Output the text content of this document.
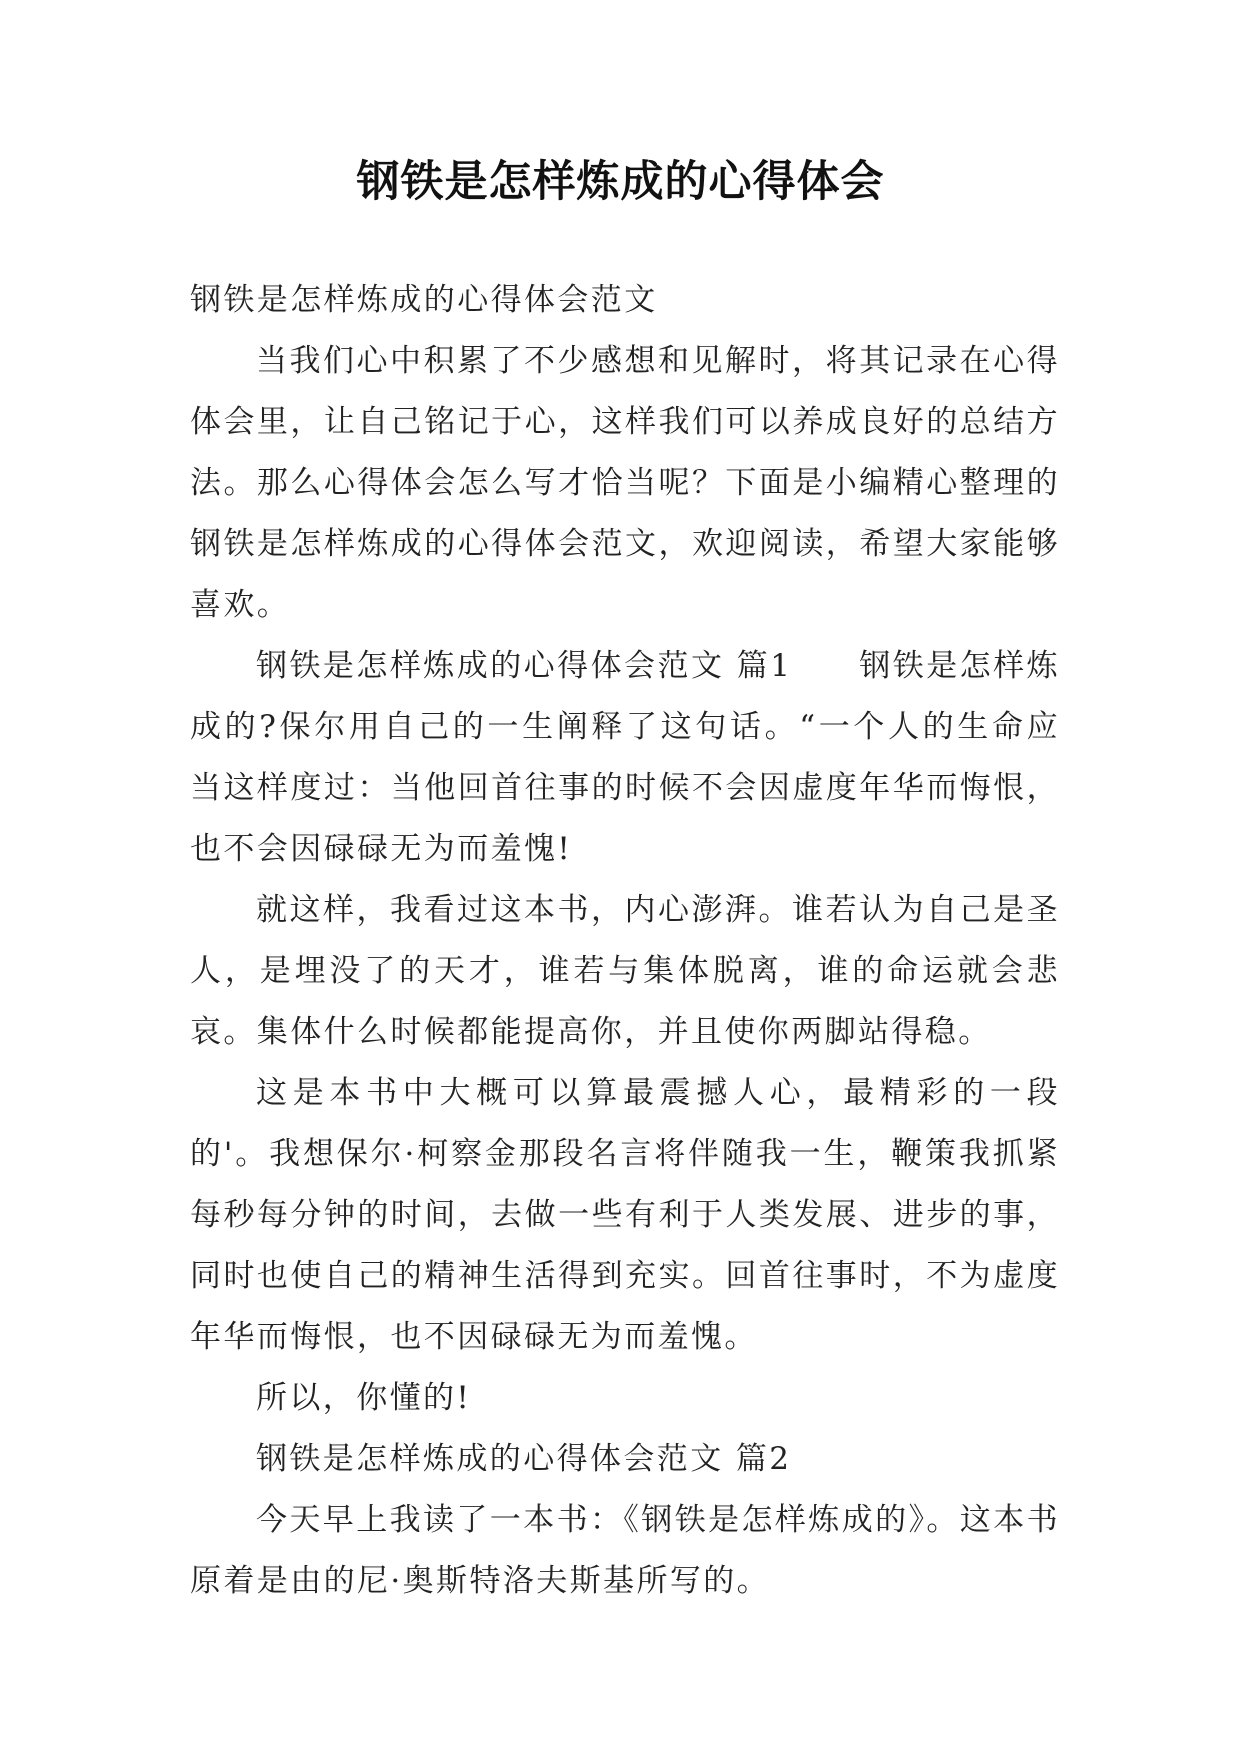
钢铁是怎样炼成的心得体会

钢铁是怎样炼成的心得体会范文

当我们心中积累了不少感想和见解时，将其记录在心得体会里，让自己铭记于心，这样我们可以养成良好的总结方法。那么心得体会怎么写才恰当呢？下面是小编精心整理的钢铁是怎样炼成的心得体会范文，欢迎阅读，希望大家能够喜欢。

钢铁是怎样炼成的心得体会范文 篇1　　钢铁是怎样炼成的?保尔用自己的一生阐释了这句话。“一个人的生命应当这样度过：当他回首往事的时候不会因虚度年华而悔恨，也不会因碌碌无为而羞愧!

就这样，我看过这本书，内心澎湃。谁若认为自己是圣人，是埋没了的天才，谁若与集体脱离，谁的命运就会悲哀。集体什么时候都能提高你，并且使你两脚站得稳。

这是本书中大概可以算最震撼人心，最精彩的一段的'。我想保尔·柯察金那段名言将伴随我一生，鞭策我抓紧每秒每分钟的时间，去做一些有利于人类发展、进步的事，同时也使自己的精神生活得到充实。回首往事时，不为虚度年华而悔恨，也不因碌碌无为而羞愧。

所以，你懂的!

钢铁是怎样炼成的心得体会范文 篇2

今天早上我读了一本书：《钢铁是怎样炼成的》。这本书原着是由的尼·奥斯特洛夫斯基所写的。
